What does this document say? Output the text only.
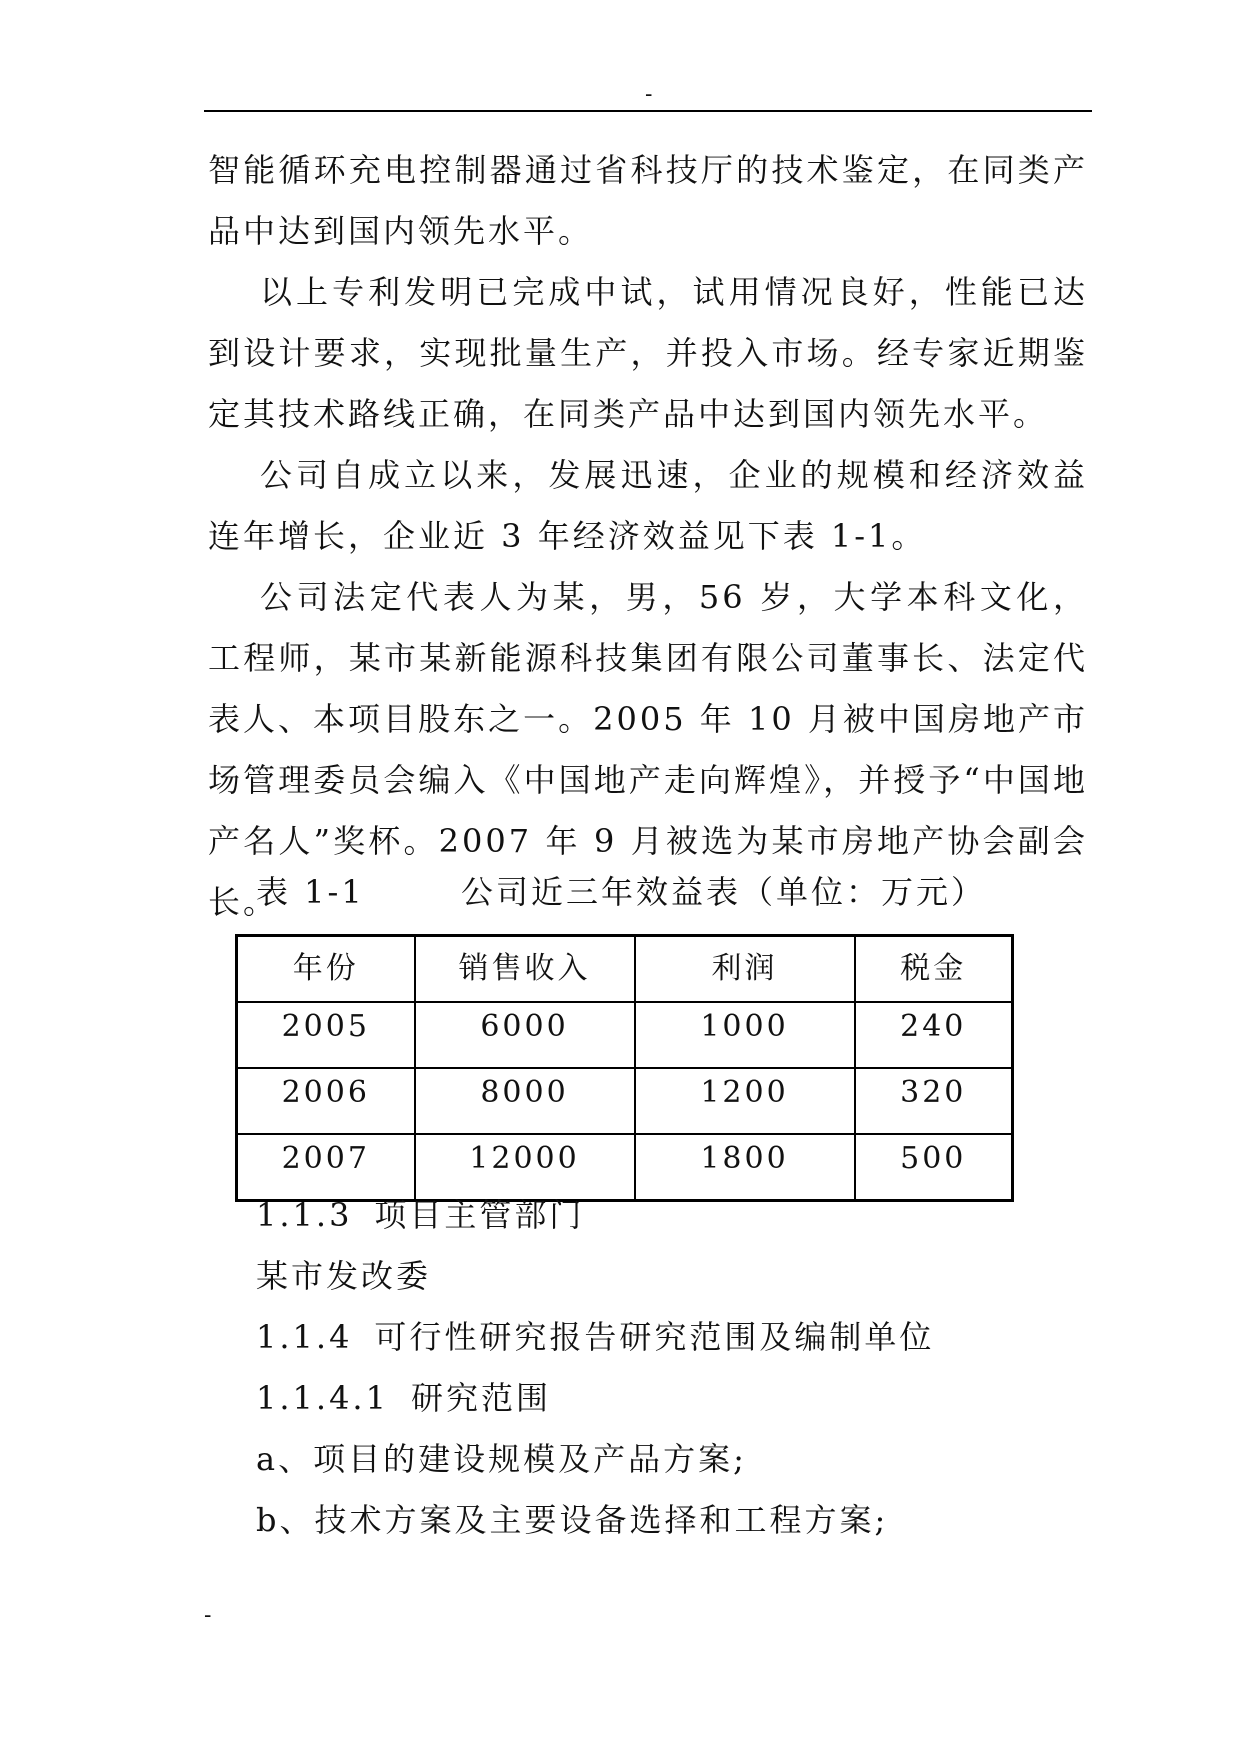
-

智能循环充电控制器通过省科技厅的技术鉴定，在同类产品中达到国内领先水平。

以上专利发明已完成中试，试用情况良好，性能已达到设计要求，实现批量生产，并投入市场。经专家近期鉴定其技术路线正确，在同类产品中达到国内领先水平。

公司自成立以来，发展迅速，企业的规模和经济效益连年增长，企业近 3 年经济效益见下表 1-1。

公司法定代表人为某，男，56 岁，大学本科文化，工程师，某市某新能源科技集团有限公司董事长、法定代表人、本项目股东之一。2005 年 10 月被中国房地产市场管理委员会编入《中国地产走向辉煌》，并授予“中国地产名人”奖杯。2007 年 9 月被选为某市房地产协会副会长。

表 1-1	公司近三年效益表（单位：万元）
年份	销售收入	利润	税金
2005	6000	1000	240
2006	8000	1200	320
2007	12000	1800	500

1.1.3 项目主管部门

某市发改委

1.1.4 可行性研究报告研究范围及编制单位

1.1.4.1 研究范围

a、项目的建设规模及产品方案;

b、技术方案及主要设备选择和工程方案;

-
